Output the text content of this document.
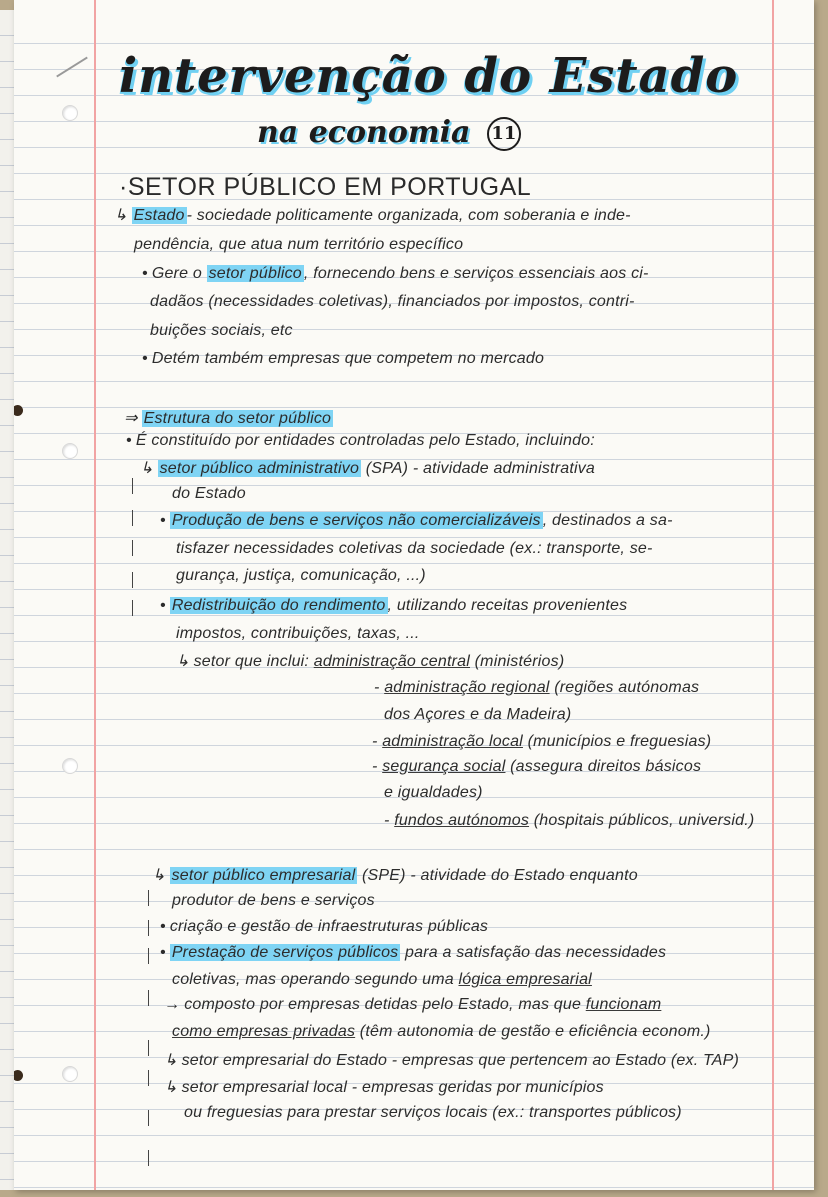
intervenção do Estado
na economia 11
·SETOR PÚBLICO EM PORTUGAL
↳ Estado - sociedade politicamente organizada, com soberania e inde-
pendência, que atua num território específico
• Gere o setor público , fornecendo bens e serviços essenciais aos ci-
dadãos (necessidades coletivas), financiados por impostos, contri-
buições sociais, etc
• Detém também empresas que competem no mercado
⇒ Estrutura do setor público
• É constituído por entidades controladas pelo Estado, incluindo:
↳ setor público administrativo (SPA) - atividade administrativa
do Estado
• Produção de bens e serviços não comercializáveis , destinados a sa-
tisfazer necessidades coletivas da sociedade (ex.: transporte, se-
gurança, justiça, comunicação, ...)
• Redistribuição do rendimento , utilizando receitas provenientes
impostos, contribuições, taxas, ...
↳ setor que inclui: administração central (ministérios)
- administração regional (regiões autónomas
dos Açores e da Madeira)
- administração local (municípios e freguesias)
- segurança social (assegura direitos básicos
e igualdades)
- fundos autónomos (hospitais públicos, universid.)
↳ setor público empresarial (SPE) - atividade do Estado enquanto
produtor de bens e serviços
• criação e gestão de infraestruturas públicas
• Prestação de serviços públicos para a satisfação das necessidades
coletivas, mas operando segundo uma lógica empresarial
→ composto por empresas detidas pelo Estado, mas que funcionam
como empresas privadas (têm autonomia de gestão e eficiência econom.)
↳ setor empresarial do Estado - empresas que pertencem ao Estado (ex. TAP)
↳ setor empresarial local - empresas geridas por municípios
ou freguesias para prestar serviços locais (ex.: transportes públicos)
